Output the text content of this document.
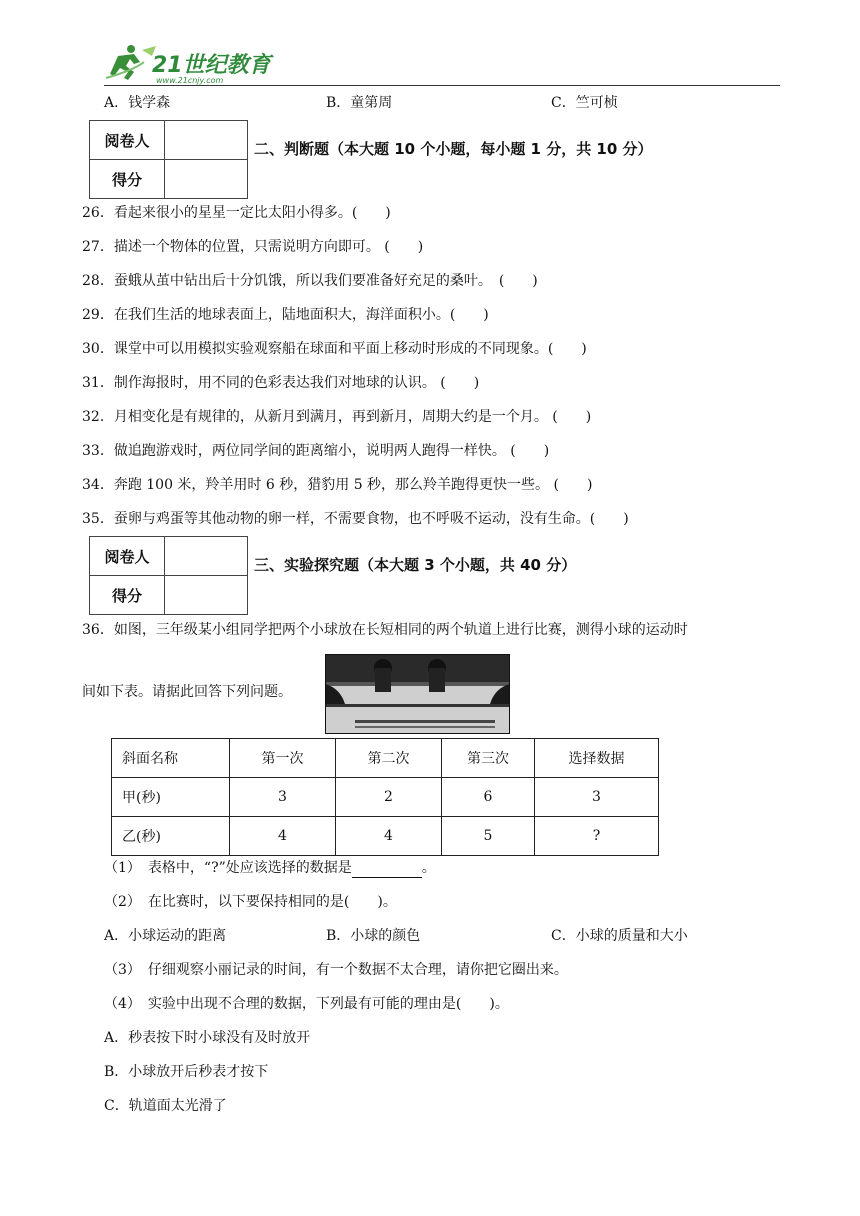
21世纪教育
www.21cnjy.com
A．钱学森	B．童第周	C．竺可桢
阅卷人	
得分	
二、判断题（本大题 10 个小题，每小题 1 分，共 10 分）
26．看起来很小的星星一定比太阳小得多。(　　)
27．描述一个物体的位置，只需说明方向即可。 (　　)
28．蚕蛾从茧中钻出后十分饥饿，所以我们要准备好充足的桑叶。　(　　)
29．在我们生活的地球表面上，陆地面积大，海洋面积小。(　　)
30．课堂中可以用模拟实验观察船在球面和平面上移动时形成的不同现象。(　　)
31．制作海报时，用不同的色彩表达我们对地球的认识。 (　　)
32．月相变化是有规律的，从新月到满月，再到新月，周期大约是一个月。 (　　)
33．做追跑游戏时，两位同学间的距离缩小，说明两人跑得一样快。 (　　)
34．奔跑 100 米，羚羊用时 6 秒，猎豹用 5 秒，那么羚羊跑得更快一些。 (　　)
35．蚕卵与鸡蛋等其他动物的卵一样，不需要食物，也不呼吸不运动，没有生命。(　　)
阅卷人	
得分	
三、实验探究题（本大题 3 个小题，共 40 分）
36．如图，三年级某小组同学把两个小球放在长短相同的两个轨道上进行比赛，测得小球的运动时
间如下表。请据此回答下列问题。
斜面名称	第一次	第二次	第三次	选择数据
甲(秒)	3	2	6	3
乙(秒)	4	4	5	?
（1）　表格中，“?”处应该选择的数据是	。
（2）　在比赛时，以下要保持相同的是(　　)。
A．小球运动的距离	B．小球的颜色	C．小球的质量和大小
（3）　仔细观察小丽记录的时间，有一个数据不太合理，请你把它圈出来。
（4）　实验中出现不合理的数据，下列最有可能的理由是(　　)。
A．秒表按下时小球没有及时放开
B．小球放开后秒表才按下
C．轨道面太光滑了
